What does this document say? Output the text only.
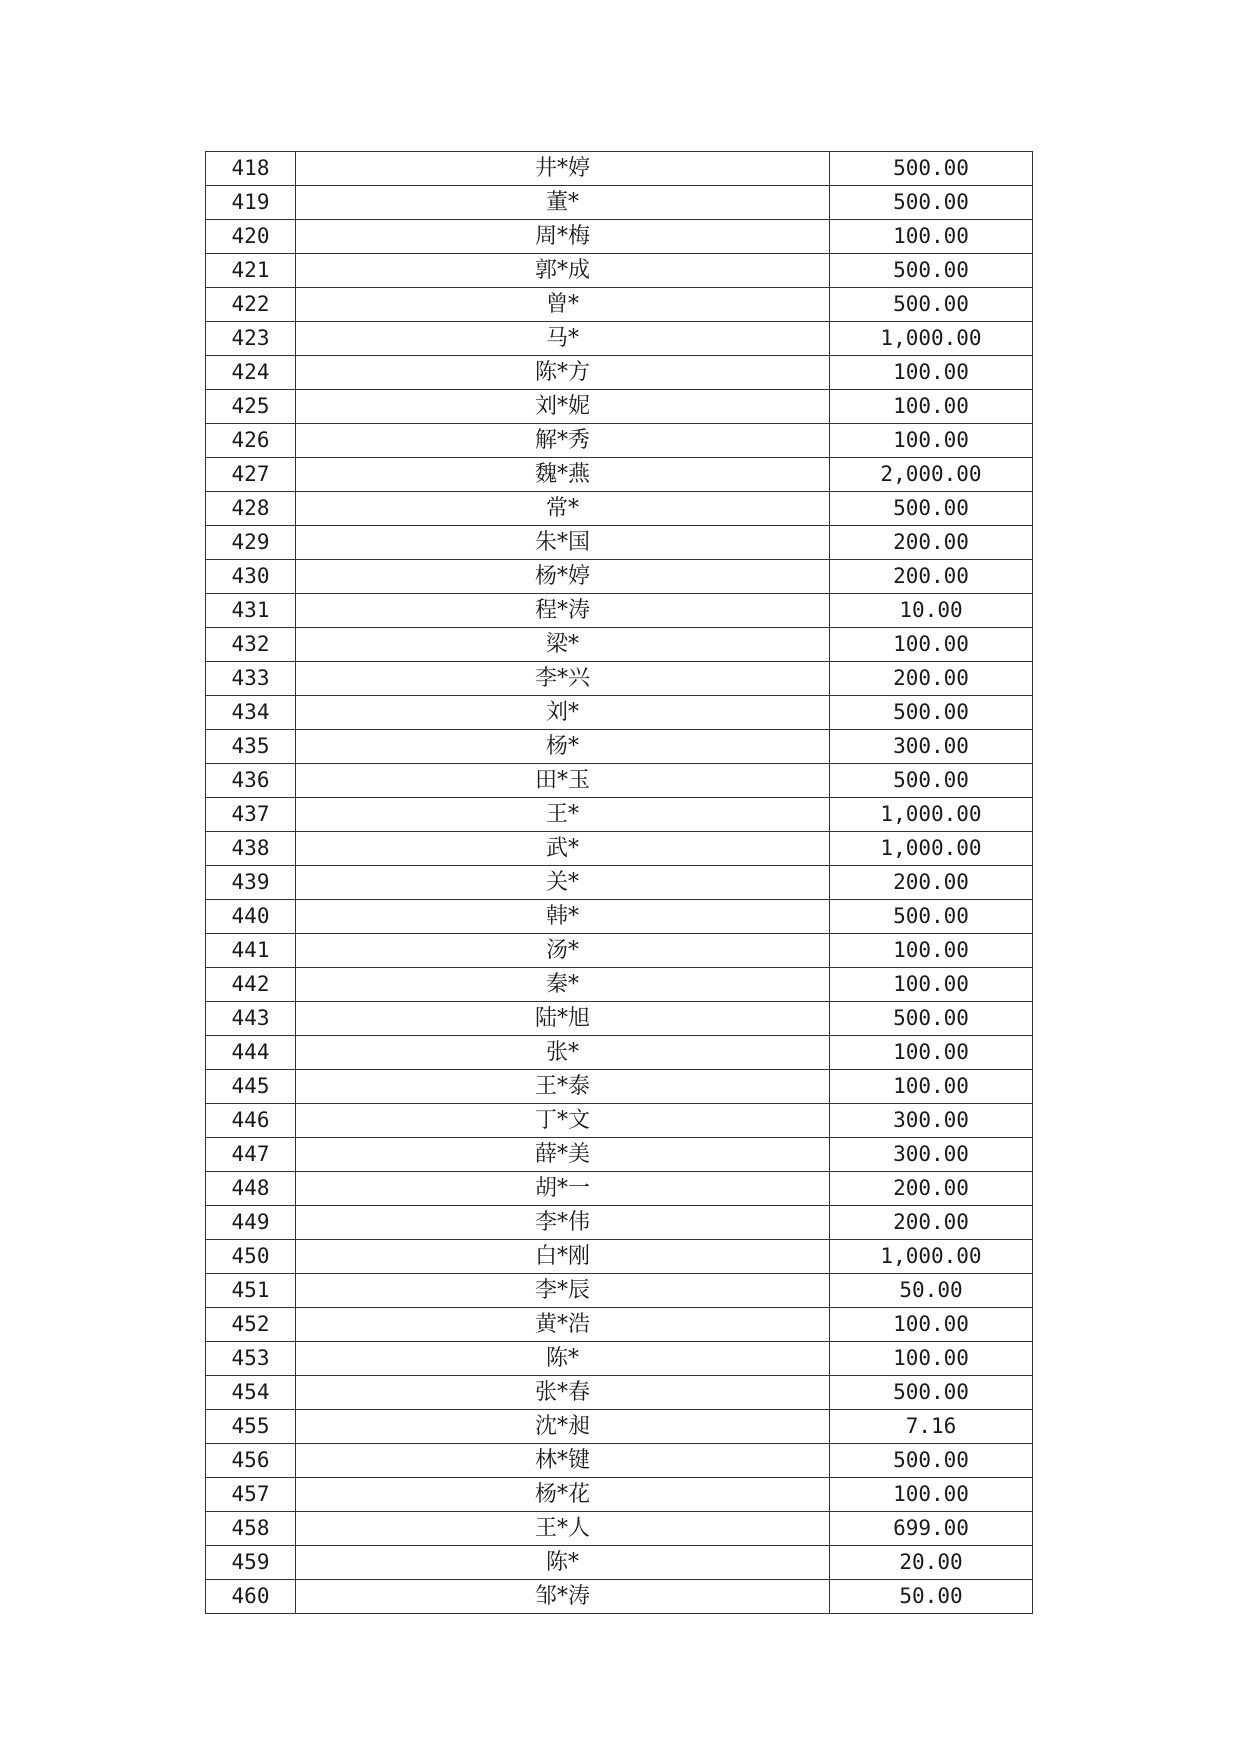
418	井*婷	500.00
419	董*	500.00
420	周*梅	100.00
421	郭*成	500.00
422	曾*	500.00
423	马*	1,000.00
424	陈*方	100.00
425	刘*妮	100.00
426	解*秀	100.00
427	魏*燕	2,000.00
428	常*	500.00
429	朱*国	200.00
430	杨*婷	200.00
431	程*涛	10.00
432	梁*	100.00
433	李*兴	200.00
434	刘*	500.00
435	杨*	300.00
436	田*玉	500.00
437	王*	1,000.00
438	武*	1,000.00
439	关*	200.00
440	韩*	500.00
441	汤*	100.00
442	秦*	100.00
443	陆*旭	500.00
444	张*	100.00
445	王*泰	100.00
446	丁*文	300.00
447	薛*美	300.00
448	胡*一	200.00
449	李*伟	200.00
450	白*刚	1,000.00
451	李*辰	50.00
452	黄*浩	100.00
453	陈*	100.00
454	张*春	500.00
455	沈*昶	7.16
456	林*键	500.00
457	杨*花	100.00
458	王*人	699.00
459	陈*	20.00
460	邹*涛	50.00
